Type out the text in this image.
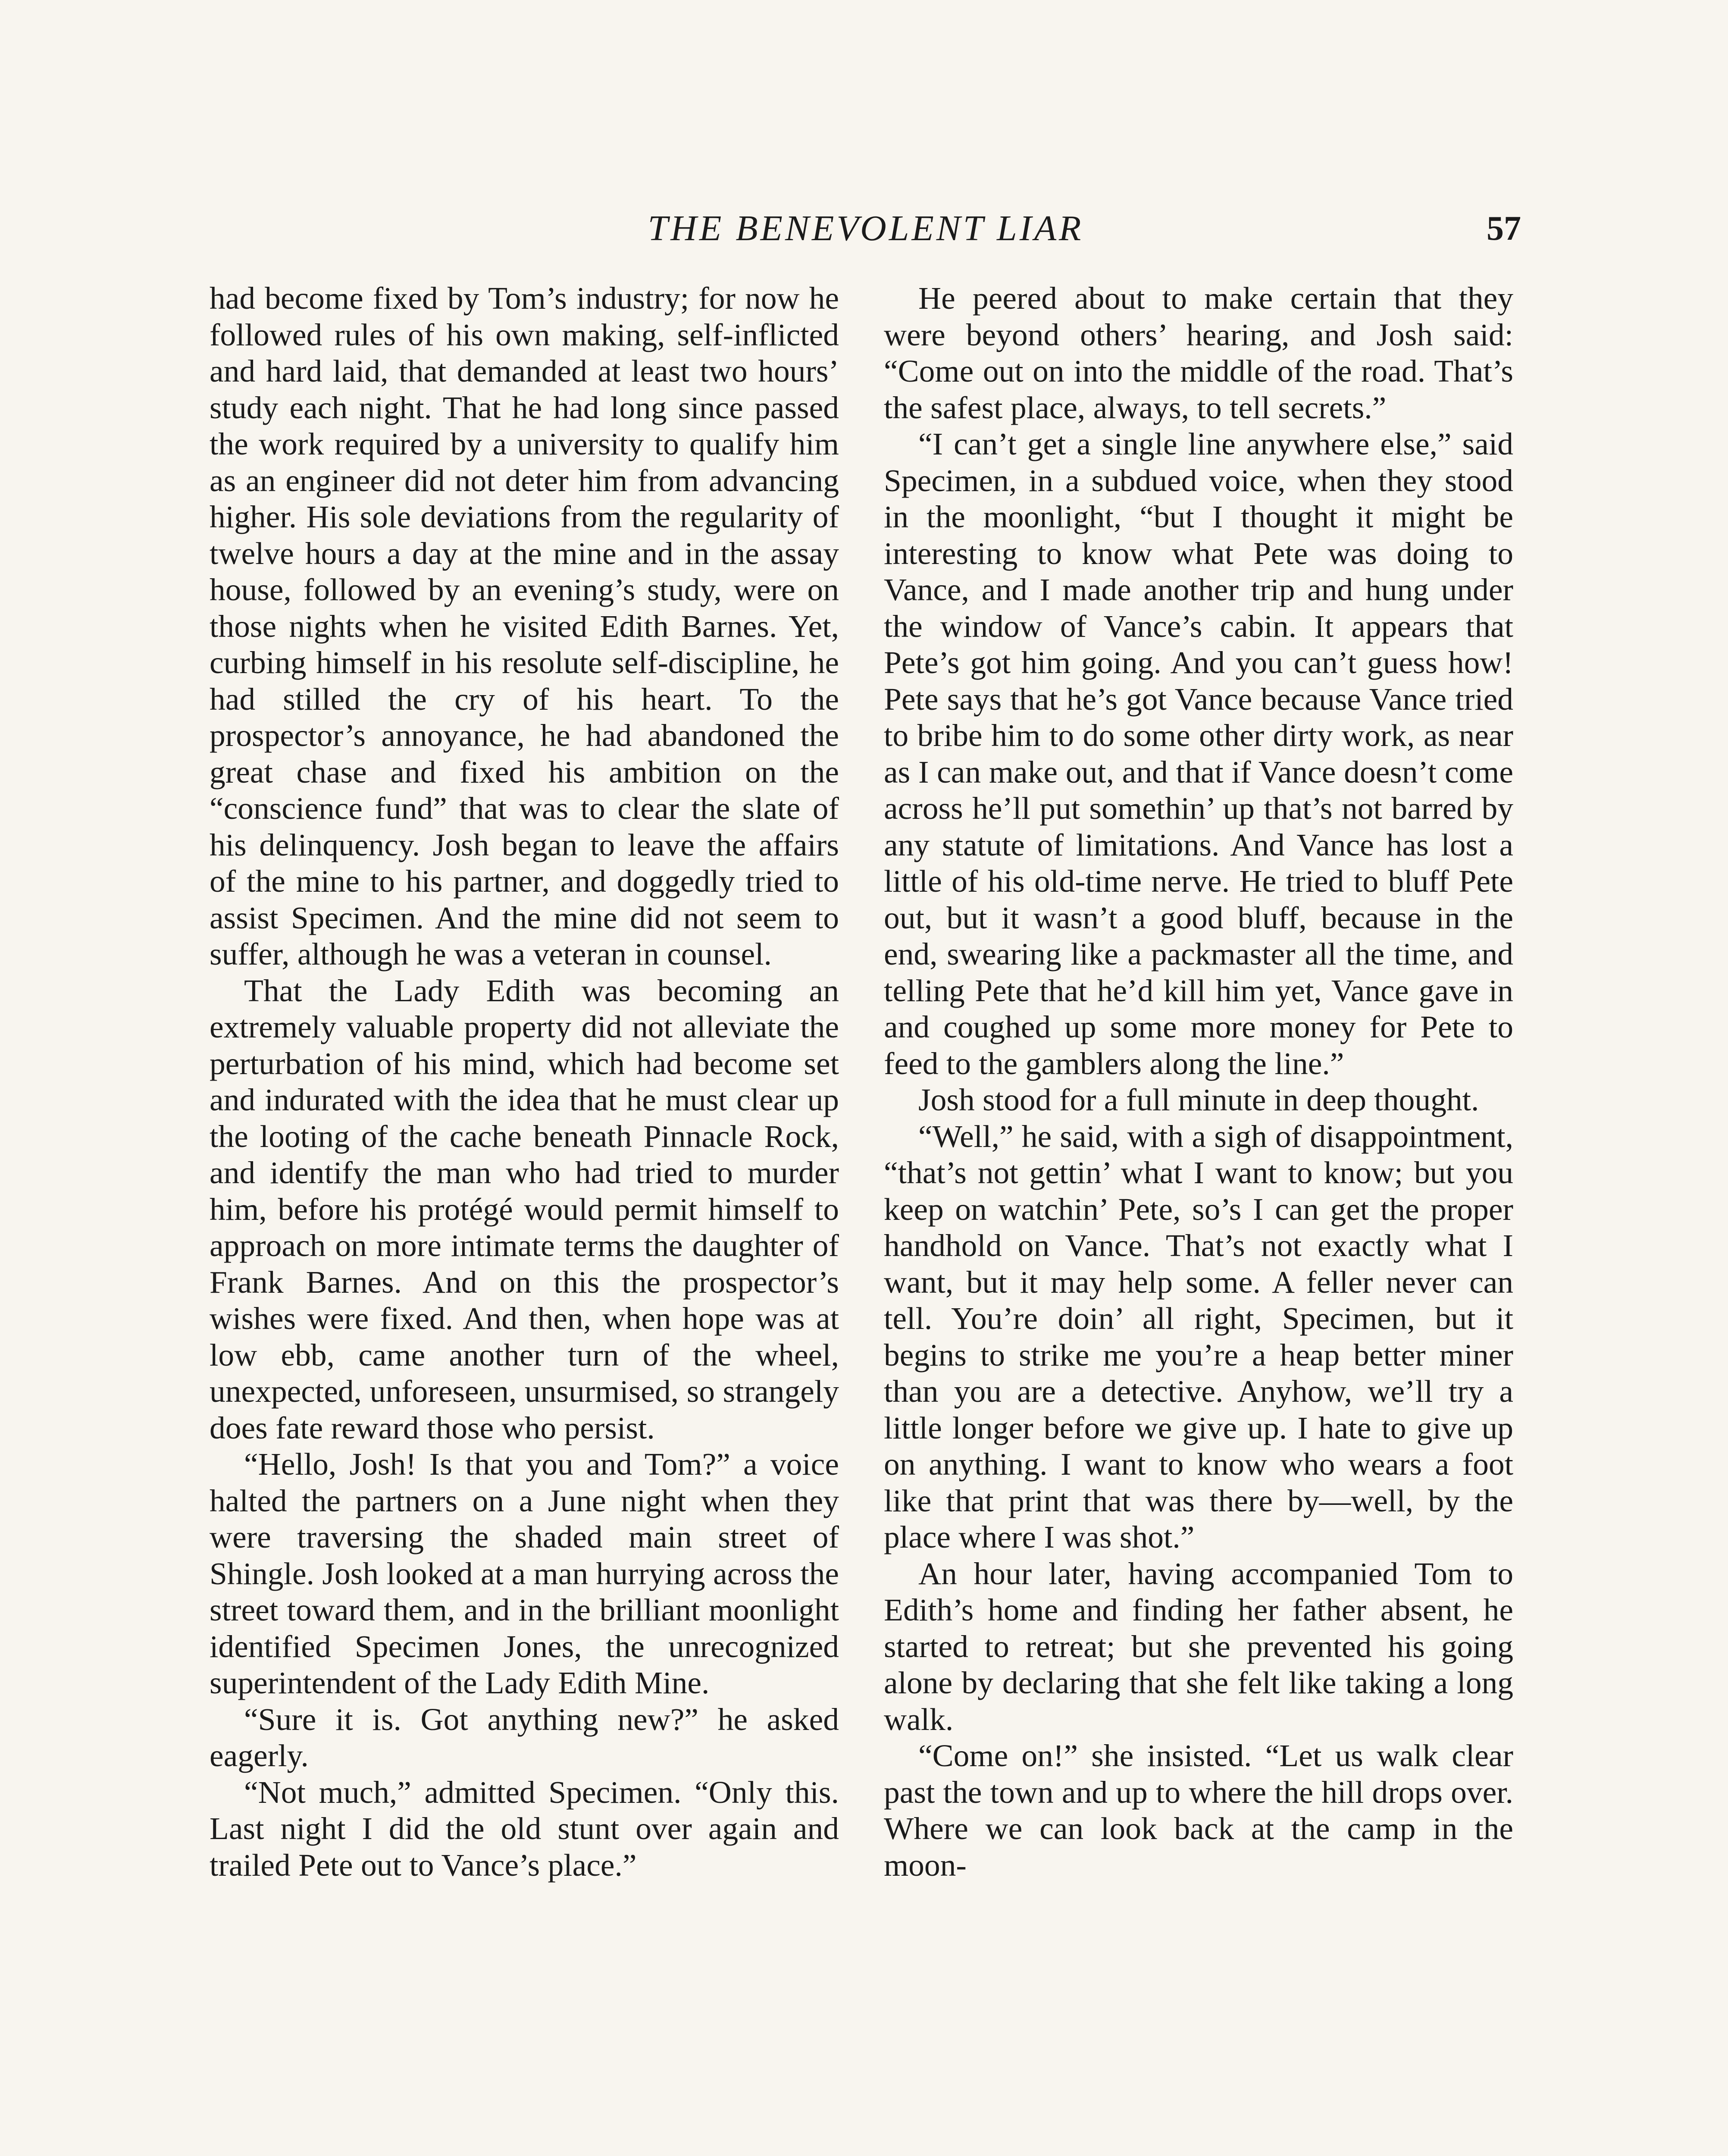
THE BENEVOLENT LIAR	57

had become fixed by Tom’s industry; for now he followed rules of his own making, self-inflicted and hard laid, that demanded at least two hours’ study each night. That he had long since passed the work required by a university to qualify him as an engineer did not deter him from advancing higher. His sole deviations from the regularity of twelve hours a day at the mine and in the assay house, followed by an evening’s study, were on those nights when he visited Edith Barnes. Yet, curbing himself in his resolute self-discipline, he had stilled the cry of his heart. To the prospector’s annoyance, he had abandoned the great chase and fixed his ambition on the “conscience fund” that was to clear the slate of his delinquency. Josh began to leave the affairs of the mine to his partner, and doggedly tried to assist Specimen. And the mine did not seem to suffer, although he was a veteran in counsel.

That the Lady Edith was becoming an extremely valuable property did not alleviate the perturbation of his mind, which had become set and indurated with the idea that he must clear up the looting of the cache beneath Pinnacle Rock, and identify the man who had tried to murder him, before his protégé would permit himself to approach on more intimate terms the daughter of Frank Barnes. And on this the prospector’s wishes were fixed. And then, when hope was at low ebb, came another turn of the wheel, unexpected, unforeseen, unsurmised, so strangely does fate reward those who persist.

“Hello, Josh! Is that you and Tom?” a voice halted the partners on a June night when they were traversing the shaded main street of Shingle. Josh looked at a man hurrying across the street toward them, and in the brilliant moonlight identified Specimen Jones, the unrecognized superintendent of the Lady Edith Mine.

“Sure it is. Got anything new?” he asked eagerly.

“Not much,” admitted Specimen. “Only this. Last night I did the old stunt over again and trailed Pete out to Vance’s place.”

He peered about to make certain that they were beyond others’ hearing, and Josh said: “Come out on into the middle of the road. That’s the safest place, always, to tell secrets.”

“I can’t get a single line anywhere else,” said Specimen, in a subdued voice, when they stood in the moonlight, “but I thought it might be interesting to know what Pete was doing to Vance, and I made another trip and hung under the window of Vance’s cabin. It appears that Pete’s got him going. And you can’t guess how! Pete says that he’s got Vance because Vance tried to bribe him to do some other dirty work, as near as I can make out, and that if Vance doesn’t come across he’ll put somethin’ up that’s not barred by any statute of limitations. And Vance has lost a little of his old-time nerve. He tried to bluff Pete out, but it wasn’t a good bluff, because in the end, swearing like a packmaster all the time, and telling Pete that he’d kill him yet, Vance gave in and coughed up some more money for Pete to feed to the gamblers along the line.”

Josh stood for a full minute in deep thought.

“Well,” he said, with a sigh of disappointment, “that’s not gettin’ what I want to know; but you keep on watchin’ Pete, so’s I can get the proper handhold on Vance. That’s not exactly what I want, but it may help some. A feller never can tell. You’re doin’ all right, Specimen, but it begins to strike me you’re a heap better miner than you are a detective. Anyhow, we’ll try a little longer before we give up. I hate to give up on anything. I want to know who wears a foot like that print that was there by—well, by the place where I was shot.”

An hour later, having accompanied Tom to Edith’s home and finding her father absent, he started to retreat; but she prevented his going alone by declaring that she felt like taking a long walk.

“Come on!” she insisted. “Let us walk clear past the town and up to where the hill drops over. Where we can look back at the camp in the moon-
